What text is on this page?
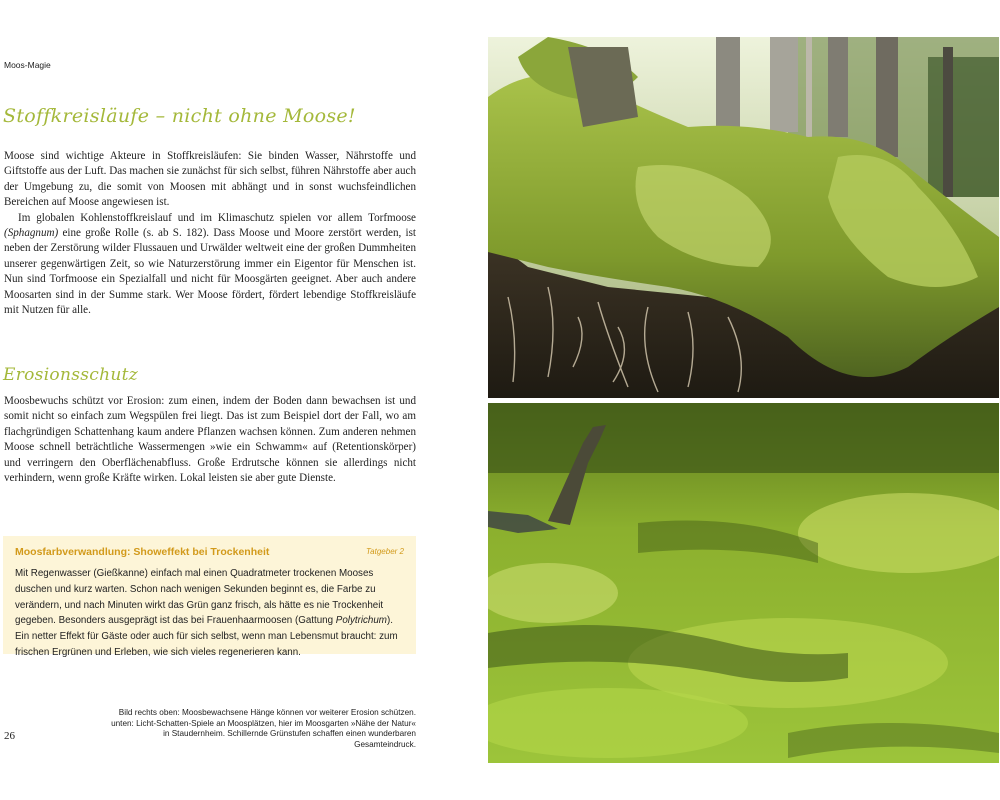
Moos-Magie
Stoffkreisläufe – nicht ohne Moose!

Moose sind wichtige Akteure in Stoffkreisläufen: Sie binden Wasser, Nährstoffe und Giftstoffe aus der Luft. Das machen sie zunächst für sich selbst, führen Nährstoffe aber auch der Umgebung zu, die somit von Moosen mit abhängt und in sonst wuchsfeindlichen Bereichen auf Moose angewiesen ist.

Im globalen Kohlenstoffkreislauf und im Klimaschutz spielen vor allem Torfmoose (Sphagnum) eine große Rolle (s. ab S. 182). Dass Moose und Moore zerstört werden, ist neben der Zerstörung wilder Flussauen und Urwälder weltweit eine der großen Dummheiten unserer gegenwärtigen Zeit, so wie Naturzerstörung immer ein Eigentor für Menschen ist. Nun sind Torfmoose ein Spezialfall und nicht für Moosgärten geeignet. Aber auch andere Moosarten sind in der Summe stark. Wer Moose fördert, fördert lebendige Stoffkreisläufe mit Nutzen für alle.

Erosionsschutz

Moosbewuchs schützt vor Erosion: zum einen, indem der Boden dann bewachsen ist und somit nicht so einfach zum Wegspülen frei liegt. Das ist zum Beispiel dort der Fall, wo am flachgründigen Schattenhang kaum andere Pflanzen wachsen können. Zum anderen nehmen Moose schnell beträchtliche Wassermengen »wie ein Schwamm« auf (Retentionskörper) und verringern den Oberflächenabfluss. Große Erdrutsche können sie allerdings nicht verhindern, wenn große Kräfte wirken. Lokal leisten sie aber gute Dienste.

Moosfarbverwandlung: Showeffekt bei Trockenheit	Tatgeber 2
Mit Regenwasser (Gießkanne) einfach mal einen Quadratmeter trockenen Mooses duschen und kurz warten. Schon nach wenigen Sekunden beginnt es, die Farbe zu verändern, und nach Minuten wirkt das Grün ganz frisch, als hätte es nie Trockenheit gegeben. Besonders ausgeprägt ist das bei Frauenhaarmoosen (Gattung Polytrichum). Ein netter Effekt für Gäste oder auch für sich selbst, wenn man Lebensmut braucht: zum frischen Ergrünen und Erleben, wie sich vieles regenerieren kann.
Bild rechts oben: Moosbewachsene Hänge können vor weiterer Erosion schützen.
unten: Licht-Schatten-Spiele an Moosplätzen, hier im Moosgarten »Nähe der Natur«
in Staudernheim. Schillernde Grünstufen schaffen einen wunderbaren Gesamteindruck.
26
